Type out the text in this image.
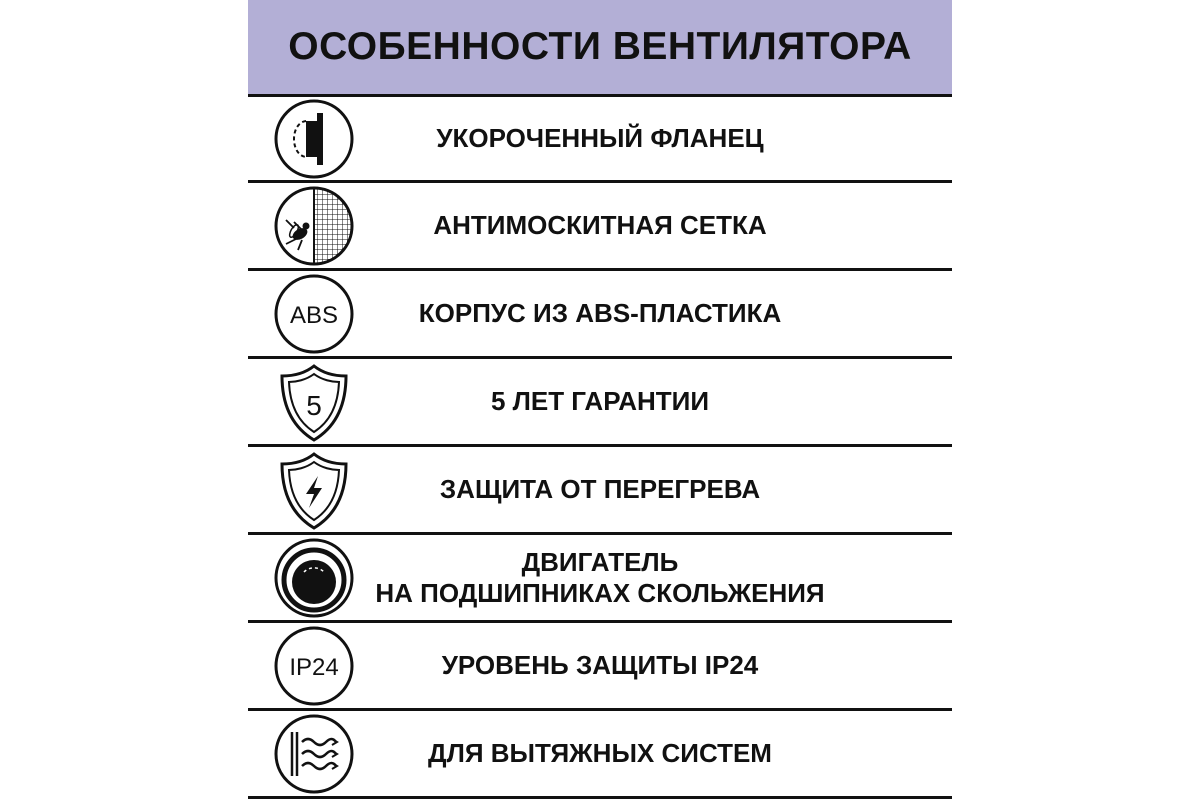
ОСОБЕННОСТИ ВЕНТИЛЯТОРА
УКОРОЧЕННЫЙ ФЛАНЕЦ
АНТИМОСКИТНАЯ СЕТКА
ABS	КОРПУС ИЗ ABS-ПЛАСТИКА
5	5 ЛЕТ ГАРАНТИИ
ЗАЩИТА ОТ ПЕРЕГРЕВА
ДВИГАТЕЛЬ
НА ПОДШИПНИКАХ СКОЛЬЖЕНИЯ
IP24	УРОВЕНЬ ЗАЩИТЫ IP24
ДЛЯ ВЫТЯЖНЫХ СИСТЕМ
